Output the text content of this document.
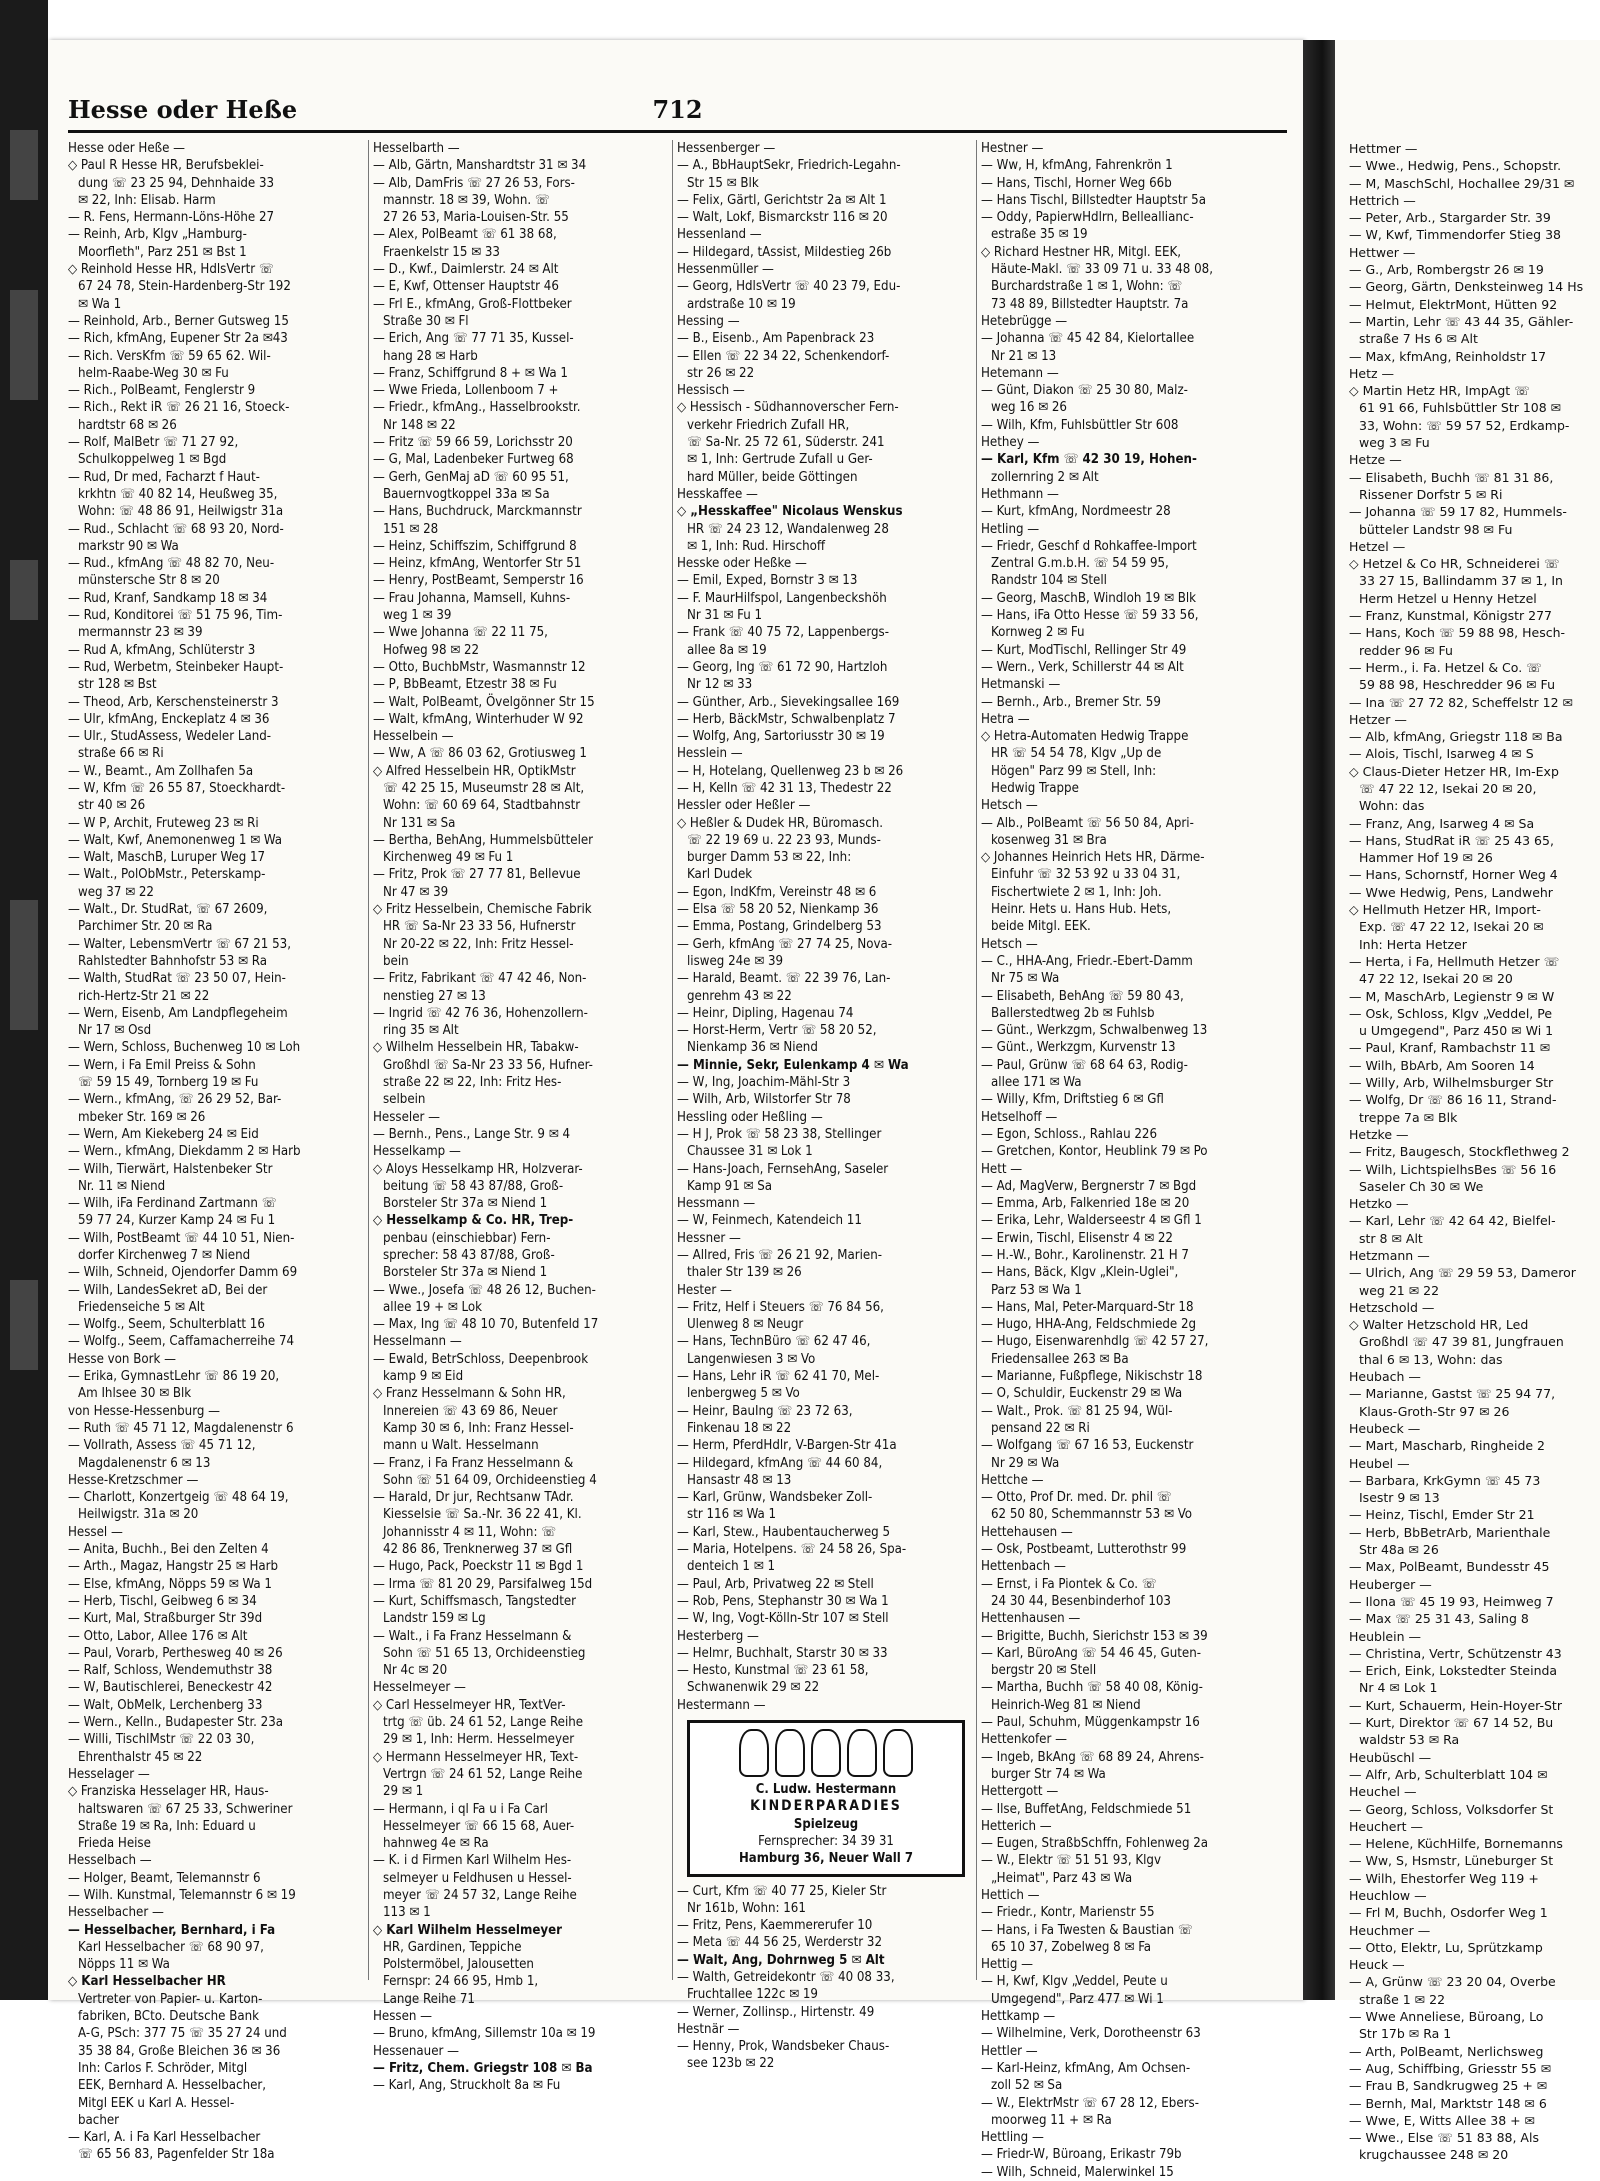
Hesse oder Heße	712
Hesse oder Heße —
◇ Paul R Hesse HR, Berufsbeklei-
dung ☏ 23 25 94, Dehnhaide 33
✉ 22, Inh: Elisab. Harm
— R. Fens, Hermann-Löns-Höhe 27
— Reinh, Arb, Klgv „Hamburg-
Moorfleth", Parz 251 ✉ Bst 1
◇ Reinhold Hesse HR, HdlsVertr ☏
67 24 78, Stein-Hardenberg-Str 192
✉ Wa 1
— Reinhold, Arb., Berner Gutsweg 15
— Rich, kfmAng, Eupener Str 2a ✉43
— Rich. VersKfm ☏ 59 65 62. Wil-
helm-Raabe-Weg 30 ✉ Fu
— Rich., PolBeamt, Fenglerstr 9
— Rich., Rekt iR ☏ 26 21 16, Stoeck-
hardtstr 68 ✉ 26
— Rolf, MalBetr ☏ 71 27 92,
Schulkoppelweg 1 ✉ Bgd
— Rud, Dr med, Facharzt f Haut-
krkhtn ☏ 40 82 14, Heußweg 35,
Wohn: ☏ 48 86 91, Heilwigstr 31a
— Rud., Schlacht ☏ 68 93 20, Nord-
markstr 90 ✉ Wa
— Rud., kfmAng ☏ 48 82 70, Neu-
münstersche Str 8 ✉ 20
— Rud, Kranf, Sandkamp 18 ✉ 34
— Rud, Konditorei ☏ 51 75 96, Tim-
mermannstr 23 ✉ 39
— Rud A, kfmAng, Schlüterstr 3
— Rud, Werbetm, Steinbeker Haupt-
str 128 ✉ Bst
— Theod, Arb, Kerschensteinerstr 3
— Ulr, kfmAng, Enckeplatz 4 ✉ 36
— Ulr., StudAssess, Wedeler Land-
straße 66 ✉ Ri
— W., Beamt., Am Zollhafen 5a
— W, Kfm ☏ 26 55 87, Stoeckhardt-
str 40 ✉ 26
— W P, Archit, Fruteweg 23 ✉ Ri
— Walt, Kwf, Anemonenweg 1 ✉ Wa
— Walt, MaschB, Luruper Weg 17
— Walt., PolObMstr., Peterskamp-
weg 37 ✉ 22
— Walt., Dr. StudRat, ☏ 67 2609,
Parchimer Str. 20 ✉ Ra
— Walter, LebensmVertr ☏ 67 21 53,
Rahlstedter Bahnhofstr 53 ✉ Ra
— Walth, StudRat ☏ 23 50 07, Hein-
rich-Hertz-Str 21 ✉ 22
— Wern, Eisenb, Am Landpflegeheim
Nr 17 ✉ Osd
— Wern, Schloss, Buchenweg 10 ✉ Loh
— Wern, i Fa Emil Preiss & Sohn
☏ 59 15 49, Tornberg 19 ✉ Fu
— Wern., kfmAng, ☏ 26 29 52, Bar-
mbeker Str. 169 ✉ 26
— Wern, Am Kiekeberg 24 ✉ Eid
— Wern., kfmAng, Diekdamm 2 ✉ Harb
— Wilh, Tierwärt, Halstenbeker Str
Nr. 11 ✉ Niend
— Wilh, iFa Ferdinand Zartmann ☏
59 77 24, Kurzer Kamp 24 ✉ Fu 1
— Wilh, PostBeamt ☏ 44 10 51, Nien-
dorfer Kirchenweg 7 ✉ Niend
— Wilh, Schneid, Ojendorfer Damm 69
— Wilh, LandesSekret aD, Bei der
Friedenseiche 5 ✉ Alt
— Wolfg., Seem, Schulterblatt 16
— Wolfg., Seem, Caffamacherreihe 74
Hesse von Bork —
— Erika, GymnastLehr ☏ 86 19 20,
Am Ihlsee 30 ✉ Blk
von Hesse-Hessenburg —
— Ruth ☏ 45 71 12, Magdalenenstr 6
— Vollrath, Assess ☏ 45 71 12,
Magdalenenstr 6 ✉ 13
Hesse-Kretzschmer —
— Charlott, Konzertgeig ☏ 48 64 19,
Heilwigstr. 31a ✉ 20
Hessel —
— Anita, Buchh., Bei den Zelten 4
— Arth., Magaz, Hangstr 25 ✉ Harb
— Else, kfmAng, Nöpps 59 ✉ Wa 1
— Herb, Tischl, Geibweg 6 ✉ 34
— Kurt, Mal, Straßburger Str 39d
— Otto, Labor, Allee 176 ✉ Alt
— Paul, Vorarb, Perthesweg 40 ✉ 26
— Ralf, Schloss, Wendemuthstr 38
— W, Bautischlerei, Beneckestr 42
— Walt, ObMelk, Lerchenberg 33
— Wern., Kelln., Budapester Str. 23a
— Willi, TischlMstr ☏ 22 03 30,
Ehrenthalstr 45 ✉ 22
Hesselager —
◇ Franziska Hesselager HR, Haus-
haltswaren ☏ 67 25 33, Schweriner
Straße 19 ✉ Ra, Inh: Eduard u
Frieda Heise
Hesselbach —
— Holger, Beamt, Telemannstr 6
— Wilh. Kunstmal, Telemannstr 6 ✉ 19
Hesselbacher —
— Hesselbacher, Bernhard, i Fa
Karl Hesselbacher ☏ 68 90 97,
Nöpps 11 ✉ Wa
◇ Karl Hesselbacher HR
Vertreter von Papier- u. Karton-
fabriken, BCto. Deutsche Bank
A-G, PSch: 377 75 ☏ 35 27 24 und
35 38 84, Große Bleichen 36 ✉ 36
Inh: Carlos F. Schröder, Mitgl
EEK, Bernhard A. Hesselbacher,
Mitgl EEK u Karl A. Hessel-
bacher
— Karl, A. i Fa Karl Hesselbacher
☏ 65 56 83, Pagenfelder Str 18a
Hesselbarth —
— Alb, Gärtn, Manshardtstr 31 ✉ 34
— Alb, DamFris ☏ 27 26 53, Fors-
mannstr. 18 ✉ 39, Wohn. ☏
27 26 53, Maria-Louisen-Str. 55
— Alex, PolBeamt ☏ 61 38 68,
Fraenkelstr 15 ✉ 33
— D., Kwf., Daimlerstr. 24 ✉ Alt
— E, Kwf, Ottenser Hauptstr 46
— Frl E., kfmAng, Groß-Flottbeker
Straße 30 ✉ Fl
— Erich, Ang ☏ 77 71 35, Kussel-
hang 28 ✉ Harb
— Franz, Schiffgrund 8 + ✉ Wa 1
— Wwe Frieda, Lollenboom 7 +
— Friedr., kfmAng., Hasselbrookstr.
Nr 148 ✉ 22
— Fritz ☏ 59 66 59, Lorichsstr 20
— G, Mal, Ladenbeker Furtweg 68
— Gerh, GenMaj aD ☏ 60 95 51,
Bauernvogtkoppel 33a ✉ Sa
— Hans, Buchdruck, Marckmannstr
151 ✉ 28
— Heinz, Schiffszim, Schiffgrund 8
— Heinz, kfmAng, Wentorfer Str 51
— Henry, PostBeamt, Semperstr 16
— Frau Johanna, Mamsell, Kuhns-
weg 1 ✉ 39
— Wwe Johanna ☏ 22 11 75,
Hofweg 98 ✉ 22
— Otto, BuchbMstr, Wasmannstr 12
— P, BbBeamt, Etzestr 38 ✉ Fu
— Walt, PolBeamt, Övelgönner Str 15
— Walt, kfmAng, Winterhuder W 92
Hesselbein —
— Ww, A ☏ 86 03 62, Grotiusweg 1
◇ Alfred Hesselbein HR, OptikMstr
☏ 42 25 15, Museumstr 28 ✉ Alt,
Wohn: ☏ 60 69 64, Stadtbahnstr
Nr 131 ✉ Sa
— Bertha, BehAng, Hummelsbütteler
Kirchenweg 49 ✉ Fu 1
— Fritz, Prok ☏ 27 77 81, Bellevue
Nr 47 ✉ 39
◇ Fritz Hesselbein, Chemische Fabrik
HR ☏ Sa-Nr 23 33 56, Hufnerstr
Nr 20-22 ✉ 22, Inh: Fritz Hessel-
bein
— Fritz, Fabrikant ☏ 47 42 46, Non-
nenstieg 27 ✉ 13
— Ingrid ☏ 42 76 36, Hohenzollern-
ring 35 ✉ Alt
◇ Wilhelm Hesselbein HR, Tabakw-
Großhdl ☏ Sa-Nr 23 33 56, Hufner-
straße 22 ✉ 22, Inh: Fritz Hes-
selbein
Hesseler —
— Bernh., Pens., Lange Str. 9 ✉ 4
Hesselkamp —
◇ Aloys Hesselkamp HR, Holzverar-
beitung ☏ 58 43 87/88, Groß-
Borsteler Str 37a ✉ Niend 1
◇ Hesselkamp & Co. HR, Trep-
penbau (einschiebbar) Fern-
sprecher: 58 43 87/88, Groß-
Borsteler Str 37a ✉ Niend 1
— Wwe., Josefa ☏ 48 26 12, Buchen-
allee 19 + ✉ Lok
— Max, Ing ☏ 48 10 70, Butenfeld 17
Hesselmann —
— Ewald, BetrSchloss, Deepenbrook
kamp 9 ✉ Eid
◇ Franz Hesselmann & Sohn HR,
Innereien ☏ 43 69 86, Neuer
Kamp 30 ✉ 6, Inh: Franz Hessel-
mann u Walt. Hesselmann
— Franz, i Fa Franz Hesselmann &
Sohn ☏ 51 64 09, Orchideenstieg 4
— Harald, Dr jur, Rechtsanw TAdr.
Kiesselsie ☏ Sa.-Nr. 36 22 41, Kl.
Johannisstr 4 ✉ 11, Wohn: ☏
42 86 86, Trenknerweg 37 ✉ Gfl
— Hugo, Pack, Poeckstr 11 ✉ Bgd 1
— Irma ☏ 81 20 29, Parsifalweg 15d
— Kurt, Schiffsmasch, Tangstedter
Landstr 159 ✉ Lg
— Walt., i Fa Franz Hesselmann &
Sohn ☏ 51 65 13, Orchideenstieg
Nr 4c ✉ 20
Hesselmeyer —
◇ Carl Hesselmeyer HR, TextVer-
trtg ☏ üb. 24 61 52, Lange Reihe
29 ✉ 1, Inh: Herm. Hesselmeyer
◇ Hermann Hesselmeyer HR, Text-
Vertrgn ☏ 24 61 52, Lange Reihe
29 ✉ 1
— Hermann, i ql Fa u i Fa Carl
Hesselmeyer ☏ 66 15 68, Auer-
hahnweg 4e ✉ Ra
— K. i d Firmen Karl Wilhelm Hes-
selmeyer u Feldhusen u Hessel-
meyer ☏ 24 57 32, Lange Reihe
113 ✉ 1
◇ Karl Wilhelm Hesselmeyer
HR, Gardinen, Teppiche
Polstermöbel, Jalousetten
Fernspr: 24 66 95, Hmb 1,
Lange Reihe 71
Hessen —
— Bruno, kfmAng, Sillemstr 10a ✉ 19
Hessenauer —
— Fritz, Chem. Griegstr 108 ✉ Ba
— Karl, Ang, Struckholt 8a ✉ Fu
Hessenberger —
— A., BbHauptSekr, Friedrich-Legahn-
Str 15 ✉ Blk
— Felix, Gärtl, Gerichtstr 2a ✉ Alt 1
— Walt, Lokf, Bismarckstr 116 ✉ 20
Hessenland —
— Hildegard, tAssist, Mildestieg 26b
Hessenmüller —
— Georg, HdlsVertr ☏ 40 23 79, Edu-
ardstraße 10 ✉ 19
Hessing —
— B., Eisenb., Am Papenbrack 23
— Ellen ☏ 22 34 22, Schenkendorf-
str 26 ✉ 22
Hessisch —
◇ Hessisch - Südhannoverscher Fern-
verkehr Friedrich Zufall HR,
☏ Sa-Nr. 25 72 61, Süderstr. 241
✉ 1, Inh: Gertrude Zufall u Ger-
hard Müller, beide Göttingen
Hesskaffee —
◇ „Hesskaffee" Nicolaus Wenskus
HR ☏ 24 23 12, Wandalenweg 28
✉ 1, Inh: Rud. Hirschoff
Hesske oder Heßke —
— Emil, Exped, Bornstr 3 ✉ 13
— F. MaurHilfspol, Langenbeckshöh
Nr 31 ✉ Fu 1
— Frank ☏ 40 75 72, Lappenbergs-
allee 8a ✉ 19
— Georg, Ing ☏ 61 72 90, Hartzloh
Nr 12 ✉ 33
— Günther, Arb., Sievekingsallee 169
— Herb, BäckMstr, Schwalbenplatz 7
— Wolfg, Ang, Sartoriusstr 30 ✉ 19
Hesslein —
— H, Hotelang, Quellenweg 23 b ✉ 26
— H, Kelln ☏ 42 31 13, Thedestr 22
Hessler oder Heßler —
◇ Heßler & Dudek HR, Büromasch.
☏ 22 19 69 u. 22 23 93, Munds-
burger Damm 53 ✉ 22, Inh:
Karl Dudek
— Egon, IndKfm, Vereinstr 48 ✉ 6
— Elsa ☏ 58 20 52, Nienkamp 36
— Emma, Postang, Grindelberg 53
— Gerh, kfmAng ☏ 27 74 25, Nova-
lisweg 24e ✉ 39
— Harald, Beamt. ☏ 22 39 76, Lan-
genrehm 43 ✉ 22
— Heinr, Dipling, Hagenau 74
— Horst-Herm, Vertr ☏ 58 20 52,
Nienkamp 36 ✉ Niend
— Minnie, Sekr, Eulenkamp 4 ✉ Wa
— W, Ing, Joachim-Mähl-Str 3
— Wilh, Arb, Wilstorfer Str 78
Hessling oder Heßling —
— H J, Prok ☏ 58 23 38, Stellinger
Chaussee 31 ✉ Lok 1
— Hans-Joach, FernsehAng, Saseler
Kamp 91 ✉ Sa
Hessmann —
— W, Feinmech, Katendeich 11
Hessner —
— Allred, Fris ☏ 26 21 92, Marien-
thaler Str 139 ✉ 26
Hester —
— Fritz, Helf i Steuers ☏ 76 84 56,
Ulenweg 8 ✉ Neugr
— Hans, TechnBüro ☏ 62 47 46,
Langenwiesen 3 ✉ Vo
— Hans, Lehr iR ☏ 62 41 70, Mel-
lenbergweg 5 ✉ Vo
— Heinr, BauIng ☏ 23 72 63,
Finkenau 18 ✉ 22
— Herm, PferdHdlr, V-Bargen-Str 41a
— Hildegard, kfmAng ☏ 44 60 84,
Hansastr 48 ✉ 13
— Karl, Grünw, Wandsbeker Zoll-
str 116 ✉ Wa 1
— Karl, Stew., Haubentaucherweg 5
— Maria, Hotelpens. ☏ 24 58 26, Spa-
denteich 1 ✉ 1
— Paul, Arb, Privatweg 22 ✉ Stell
— Rob, Pens, Stephanstr 30 ✉ Wa 1
— W, Ing, Vogt-Kölln-Str 107 ✉ Stell
Hesterberg —
— Helmr, Buchhalt, Starstr 30 ✉ 33
— Hesto, Kunstmal ☏ 23 61 58,
Schwanenwik 29 ✉ 22
Hestermann —
C. Ludw. Hestermann
KINDERPARADIES
Spielzeug
Fernsprecher: 34 39 31
Hamburg 36, Neuer Wall 7
— Curt, Kfm ☏ 40 77 25, Kieler Str
Nr 161b, Wohn: 161
— Fritz, Pens, Kaemmererufer 10
— Meta ☏ 44 56 25, Werderstr 32
— Walt, Ang, Dohrnweg 5 ✉ Alt
— Walth, Getreidekontr ☏ 40 08 33,
Fruchtallee 122c ✉ 19
— Werner, Zollinsp., Hirtenstr. 49
Hestnär —
— Henny, Prok, Wandsbeker Chaus-
see 123b ✉ 22
Hestner —
— Ww, H, kfmAng, Fahrenkrön 1
— Hans, Tischl, Horner Weg 66b
— Hans Tischl, Billstedter Hauptstr 5a
— Oddy, PapierwHdlrn, Belleallianc-
estraße 35 ✉ 19
◇ Richard Hestner HR, Mitgl. EEK,
Häute-Makl. ☏ 33 09 71 u. 33 48 08,
Burchardstraße 1 ✉ 1, Wohn: ☏
73 48 89, Billstedter Hauptstr. 7a
Hetebrügge —
— Johanna ☏ 45 42 84, Kielortallee
Nr 21 ✉ 13
Hetemann —
— Günt, Diakon ☏ 25 30 80, Malz-
weg 16 ✉ 26
— Wilh, Kfm, Fuhlsbüttler Str 608
Hethey —
— Karl, Kfm ☏ 42 30 19, Hohen-
zollernring 2 ✉ Alt
Hethmann —
— Kurt, kfmAng, Nordmeestr 28
Hetling —
— Friedr, Geschf d Rohkaffee-Import
Zentral G.m.b.H. ☏ 54 59 95,
Randstr 104 ✉ Stell
— Georg, MaschB, Windloh 19 ✉ Blk
— Hans, iFa Otto Hesse ☏ 59 33 56,
Kornweg 2 ✉ Fu
— Kurt, ModTischl, Rellinger Str 49
— Wern., Verk, Schillerstr 44 ✉ Alt
Hetmanski —
— Bernh., Arb., Bremer Str. 59
Hetra —
◇ Hetra-Automaten Hedwig Trappe
HR ☏ 54 54 78, Klgv „Up de
Högen" Parz 99 ✉ Stell, Inh:
Hedwig Trappe
Hetsch —
— Alb., PolBeamt ☏ 56 50 84, Apri-
kosenweg 31 ✉ Bra
◇ Johannes Heinrich Hets HR, Därme-
Einfuhr ☏ 32 53 92 u 33 04 31,
Fischertwiete 2 ✉ 1, Inh: Joh.
Heinr. Hets u. Hans Hub. Hets,
beide Mitgl. EEK.
Hetsch —
— C., HHA-Ang, Friedr.-Ebert-Damm
Nr 75 ✉ Wa
— Elisabeth, BehAng ☏ 59 80 43,
Ballerstedtweg 2b ✉ Fuhlsb
— Günt., Werkzgm, Schwalbenweg 13
— Günt., Werkzgm, Kurvenstr 13
— Paul, Grünw ☏ 68 64 63, Rodig-
allee 171 ✉ Wa
— Willy, Kfm, Driftstieg 6 ✉ Gfl
Hetselhoff —
— Egon, Schloss., Rahlau 226
— Gretchen, Kontor, Heublink 79 ✉ Po
Hett —
— Ad, MagVerw, Bergnerstr 7 ✉ Bgd
— Emma, Arb, Falkenried 18e ✉ 20
— Erika, Lehr, Walderseestr 4 ✉ Gfl 1
— Erwin, Tischl, Elisenstr 4 ✉ 22
— H.-W., Bohr., Karolinenstr. 21 H 7
— Hans, Bäck, Klgv „Klein-Uglei",
Parz 53 ✉ Wa 1
— Hans, Mal, Peter-Marquard-Str 18
— Hugo, HHA-Ang, Feldschmiede 2g
— Hugo, Eisenwarenhdlg ☏ 42 57 27,
Friedensallee 263 ✉ Ba
— Marianne, Fußpflege, Nikischstr 18
— O, Schuldir, Euckenstr 29 ✉ Wa
— Walt., Prok. ☏ 81 25 94, Wül-
pensand 22 ✉ Ri
— Wolfgang ☏ 67 16 53, Euckenstr
Nr 29 ✉ Wa
Hettche —
— Otto, Prof Dr. med. Dr. phil ☏
62 50 80, Schemmannstr 53 ✉ Vo
Hettehausen —
— Osk, Postbeamt, Lutterothstr 99
Hettenbach —
— Ernst, i Fa Piontek & Co. ☏
24 30 44, Besenbinderhof 103
Hettenhausen —
— Brigitte, Buchh, Sierichstr 153 ✉ 39
— Karl, BüroAng ☏ 54 46 45, Guten-
bergstr 20 ✉ Stell
— Martha, Buchh ☏ 58 40 08, König-
Heinrich-Weg 81 ✉ Niend
— Paul, Schuhm, Müggenkampstr 16
Hettenkofer —
— Ingeb, BkAng ☏ 68 89 24, Ahrens-
burger Str 74 ✉ Wa
Hettergott —
— Ilse, BuffetAng, Feldschmiede 51
Hetterich —
— Eugen, StraßbSchffn, Fohlenweg 2a
— W., Elektr ☏ 51 51 93, Klgv
„Heimat", Parz 43 ✉ Wa
Hettich —
— Friedr., Kontr, Marienstr 55
— Hans, i Fa Twesten & Baustian ☏
65 10 37, Zobelweg 8 ✉ Fa
Hettig —
— H, Kwf, Klgv „Veddel, Peute u
Umgegend", Parz 477 ✉ Wi 1
Hettkamp —
— Wilhelmine, Verk, Dorotheenstr 63
Hettler —
— Karl-Heinz, kfmAng, Am Ochsen-
zoll 52 ✉ Sa
— W., ElektrMstr ☏ 67 28 12, Ebers-
moorweg 11 + ✉ Ra
Hettling —
— Friedr-W, Büroang, Erikastr 79b
— Wilh, Schneid, Malerwinkel 15
Hettmer —
— Wwe., Hedwig, Pens., Schopstr.
— M, MaschSchl, Hochallee 29/31 ✉
Hettrich —
— Peter, Arb., Stargarder Str. 39
— W, Kwf, Timmendorfer Stieg 38
Hettwer —
— G., Arb, Rombergstr 26 ✉ 19
— Georg, Gärtn, Denksteinweg 14 Hs
— Helmut, ElektrMont, Hütten 92
— Martin, Lehr ☏ 43 44 35, Gähler-
straße 7 Hs 6 ✉ Alt
— Max, kfmAng, Reinholdstr 17
Hetz —
◇ Martin Hetz HR, ImpAgt ☏
61 91 66, Fuhlsbüttler Str 108 ✉
33, Wohn: ☏ 59 57 52, Erdkamp-
weg 3 ✉ Fu
Hetze —
— Elisabeth, Buchh ☏ 81 31 86,
Rissener Dorfstr 5 ✉ Ri
— Johanna ☏ 59 17 82, Hummels-
bütteler Landstr 98 ✉ Fu
Hetzel —
◇ Hetzel & Co HR, Schneiderei ☏
33 27 15, Ballindamm 37 ✉ 1, In
Herm Hetzel u Henny Hetzel
— Franz, Kunstmal, Königstr 277
— Hans, Koch ☏ 59 88 98, Hesch-
redder 96 ✉ Fu
— Herm., i. Fa. Hetzel & Co. ☏
59 88 98, Heschredder 96 ✉ Fu
— Ina ☏ 27 72 82, Scheffelstr 12 ✉
Hetzer —
— Alb, kfmAng, Griegstr 118 ✉ Ba
— Alois, Tischl, Isarweg 4 ✉ S
◇ Claus-Dieter Hetzer HR, Im-Exp
☏ 47 22 12, Isekai 20 ✉ 20,
Wohn: das
— Franz, Ang, Isarweg 4 ✉ Sa
— Hans, StudRat iR ☏ 25 43 65,
Hammer Hof 19 ✉ 26
— Hans, Schornstf, Horner Weg 4
— Wwe Hedwig, Pens, Landwehr
◇ Hellmuth Hetzer HR, Import-
Exp. ☏ 47 22 12, Isekai 20 ✉
Inh: Herta Hetzer
— Herta, i Fa, Hellmuth Hetzer ☏
47 22 12, Isekai 20 ✉ 20
— M, MaschArb, Legienstr 9 ✉ W
— Osk, Schloss, Klgv „Veddel, Pe
u Umgegend", Parz 450 ✉ Wi 1
— Paul, Kranf, Rambachstr 11 ✉
— Wilh, BbArb, Am Sooren 14
— Willy, Arb, Wilhelmsburger Str
— Wolfg, Dr ☏ 86 16 11, Strand-
treppe 7a ✉ Blk
Hetzke —
— Fritz, Baugesch, Stockflethweg 2
— Wilh, LichtspielhsBes ☏ 56 16
Saseler Ch 30 ✉ We
Hetzko —
— Karl, Lehr ☏ 42 64 42, Bielfel-
str 8 ✉ Alt
Hetzmann —
— Ulrich, Ang ☏ 29 59 53, Dameror
weg 21 ✉ 22
Hetzschold —
◇ Walter Hetzschold HR, Led
Großhdl ☏ 47 39 81, Jungfrauen
thal 6 ✉ 13, Wohn: das
Heubach —
— Marianne, Gastst ☏ 25 94 77,
Klaus-Groth-Str 97 ✉ 26
Heubeck —
— Mart, Mascharb, Ringheide 2
Heubel —
— Barbara, KrkGymn ☏ 45 73
Isestr 9 ✉ 13
— Heinz, Tischl, Emder Str 21
— Herb, BbBetrArb, Marienthale
Str 48a ✉ 26
— Max, PolBeamt, Bundesstr 45
Heuberger —
— Ilona ☏ 45 19 93, Heimweg 7
— Max ☏ 25 31 43, Saling 8
Heublein —
— Christina, Vertr, Schützenstr 43
— Erich, Eink, Lokstedter Steinda
Nr 4 ✉ Lok 1
— Kurt, Schauerm, Hein-Hoyer-Str
— Kurt, Direktor ☏ 67 14 52, Bu
waldstr 53 ✉ Ra
Heubüschl —
— Alfr, Arb, Schulterblatt 104 ✉
Heuchel —
— Georg, Schloss, Volksdorfer St
Heuchert —
— Helene, KüchHilfe, Bornemanns
— Ww, S, Hsmstr, Lüneburger St
— Wilh, Ehestorfer Weg 119 +
Heuchlow —
— Frl M, Buchh, Osdorfer Weg 1
Heuchmer —
— Otto, Elektr, Lu, Sprützkamp
Heuck —
— A, Grünw ☏ 23 20 04, Overbe
straße 1 ✉ 22
— Wwe Anneliese, Büroang, Lo
Str 17b ✉ Ra 1
— Arth, PolBeamt, Nerlichsweg
— Aug, Schiffbing, Griesstr 55 ✉
— Frau B, Sandkrugweg 25 + ✉
— Bernh, Mal, Marktstr 148 ✉ 6
— Wwe, E, Witts Allee 38 + ✉
— Wwe., Else ☏ 51 83 88, Als
krugchaussee 248 ✉ 20
